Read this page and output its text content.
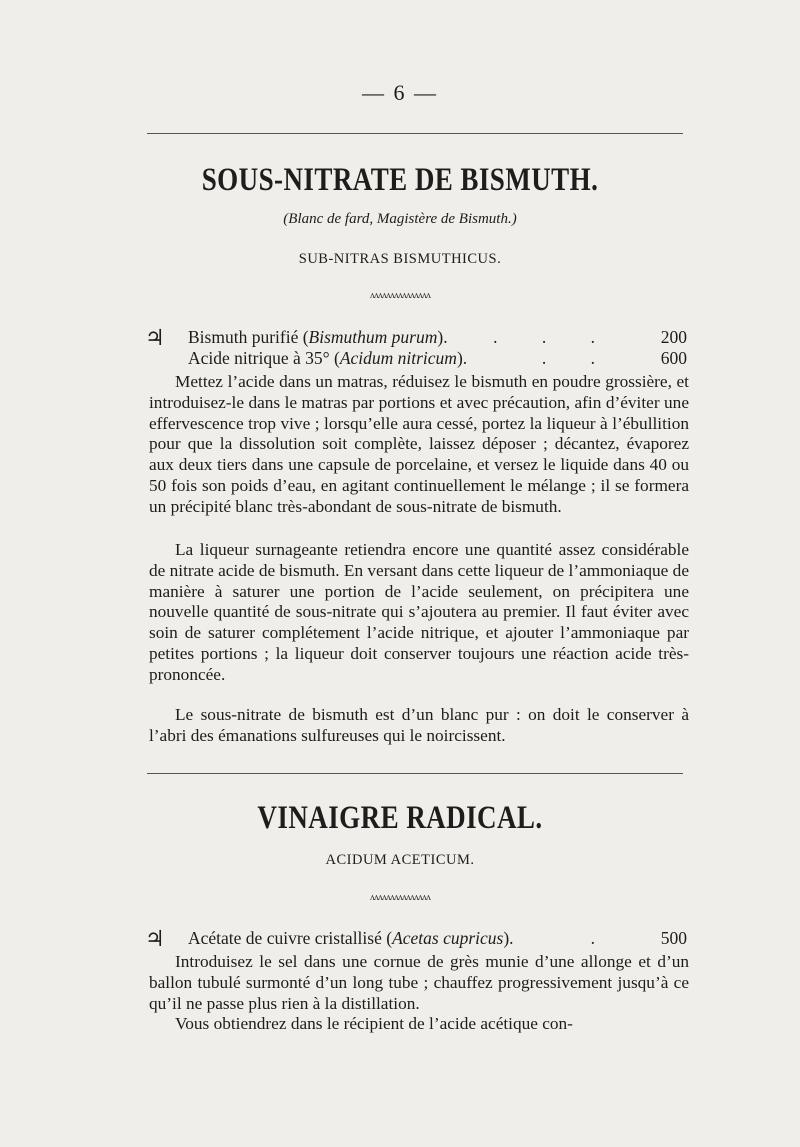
— 6 —
SOUS-NITRATE DE BISMUTH.
(Blanc de fard, Magistère de Bismuth.)
SUB-NITRAS BISMUTHICUS.
ʌʌʌʌʌʌʌʌʌʌʌʌʌʌʌ
♃ Bismuth purifié (Bismuthum purum).	. . .	200
Acide nitrique à 35° (Acidum nitricum).	. .	600

Mettez l’acide dans un matras, réduisez le bismuth en poudre grossière, et introduisez-le dans le matras par portions et avec précaution, afin d’éviter une effervescence trop vive ; lorsqu’elle aura cessé, portez la liqueur à l’ébullition pour que la dissolution soit complète, laissez déposer ; décantez, évaporez aux deux tiers dans une capsule de porcelaine, et versez le liquide dans 40 ou 50 fois son poids d’eau, en agitant continuellement le mélange ; il se formera un précipité blanc très-abondant de sous-nitrate de bismuth.

La liqueur surnageante retiendra encore une quantité assez considérable de nitrate acide de bismuth. En versant dans cette liqueur de l’ammoniaque de manière à saturer une portion de l’acide seulement, on précipitera une nouvelle quantité de sous-nitrate qui s’ajoutera au premier. Il faut éviter avec soin de saturer complétement l’acide nitrique, et ajouter l’ammoniaque par petites portions ; la liqueur doit conserver toujours une réaction acide très-prononcée.

Le sous-nitrate de bismuth est d’un blanc pur : on doit le conserver à l’abri des émanations sulfureuses qui le noircissent.

VINAIGRE RADICAL.
ACIDUM ACETICUM.
ʌʌʌʌʌʌʌʌʌʌʌʌʌʌʌ
♃ Acétate de cuivre cristallisé (Acetas cupricus).	.	500

Introduisez le sel dans une cornue de grès munie d’une allonge et d’un ballon tubulé surmonté d’un long tube ; chauffez progressivement jusqu’à ce qu’il ne passe plus rien à la distillation.

Vous obtiendrez dans le récipient de l’acide acétique con-
